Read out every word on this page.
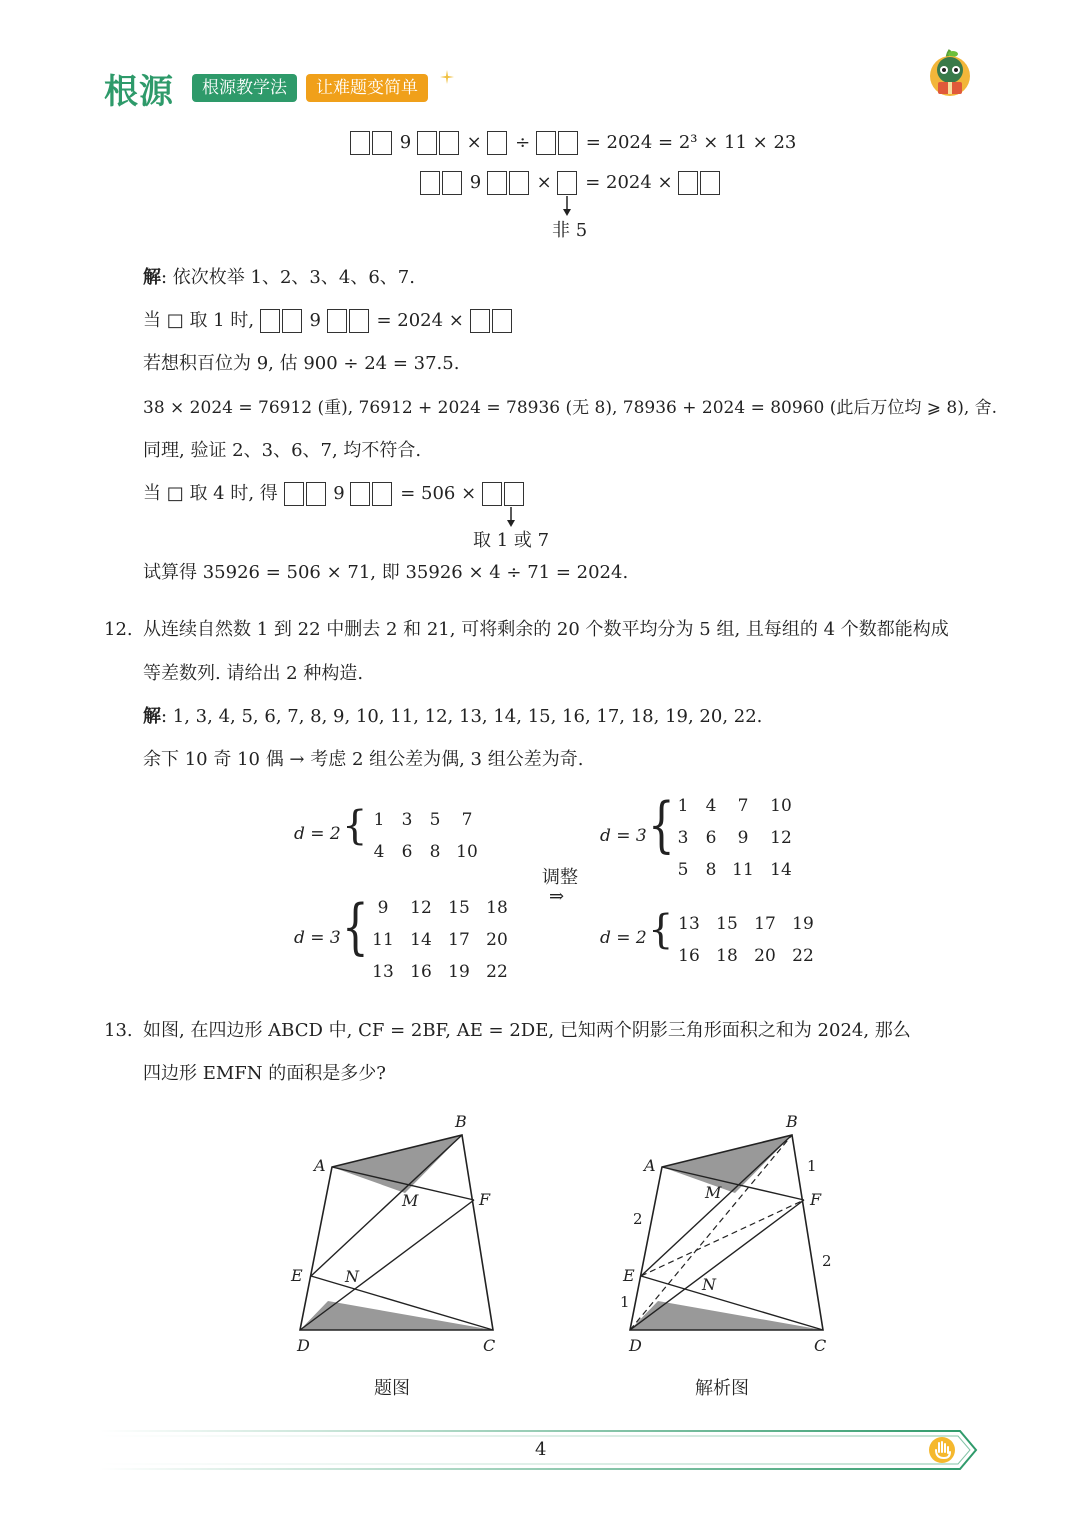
根源	根源教学法	让难题变简单
9	×  ÷	= 2024 = 2³ × 11 × 23
9	×  = 2024 ×
非 5
解: 依次枚举 1、2、3、4、6、7.
当 □ 取 1 时,	9	= 2024 ×
若想积百位为 9, 估 900 ÷ 24 = 37.5.
38 × 2024 = 76912 (重), 76912 + 2024 = 78936 (无 8), 78936 + 2024 = 80960 (此后万位均 ⩾ 8), 舍.
同理, 验证 2、3、6、7, 均不符合.
当 □ 取 4 时, 得	9	= 506 ×
取 1 或 7
试算得 35926 = 506 × 71, 即 35926 × 4 ÷ 71 = 2024.
12. 从连续自然数 1 到 22 中删去 2 和 21, 可将剩余的 20 个数平均分为 5 组, 且每组的 4 个数都能构成
等差数列. 请给出 2 种构造.
解: 1, 3, 4, 5, 6, 7, 8, 9, 10, 11, 12, 13, 14, 15, 16, 17, 18, 19, 20, 22.
余下 10 奇 10 偶 → 考虑 2 组公差为偶, 3 组公差为奇.
d = 2 { 1	3	5	7
4	6	8 10
d = 3 { 9	12 15 18
11 14 17 20
13 16 19 22
调整
⇒
d = 3 { 1	4	7	10
3	6	9	12
5	8 11 14
d = 2 { 13 15 17 19
16 18 20 22
13. 如图, 在四边形 ABCD 中, CF = 2BF, AE = 2DE, 已知两个阴影三角形面积之和为 2024, 那么
四边形 EMFN 的面积是多少?
A
B
C
D
E
F
M
N
题图
A
B
C
D
E
F
M
N
1
2
2
1
解析图
4
